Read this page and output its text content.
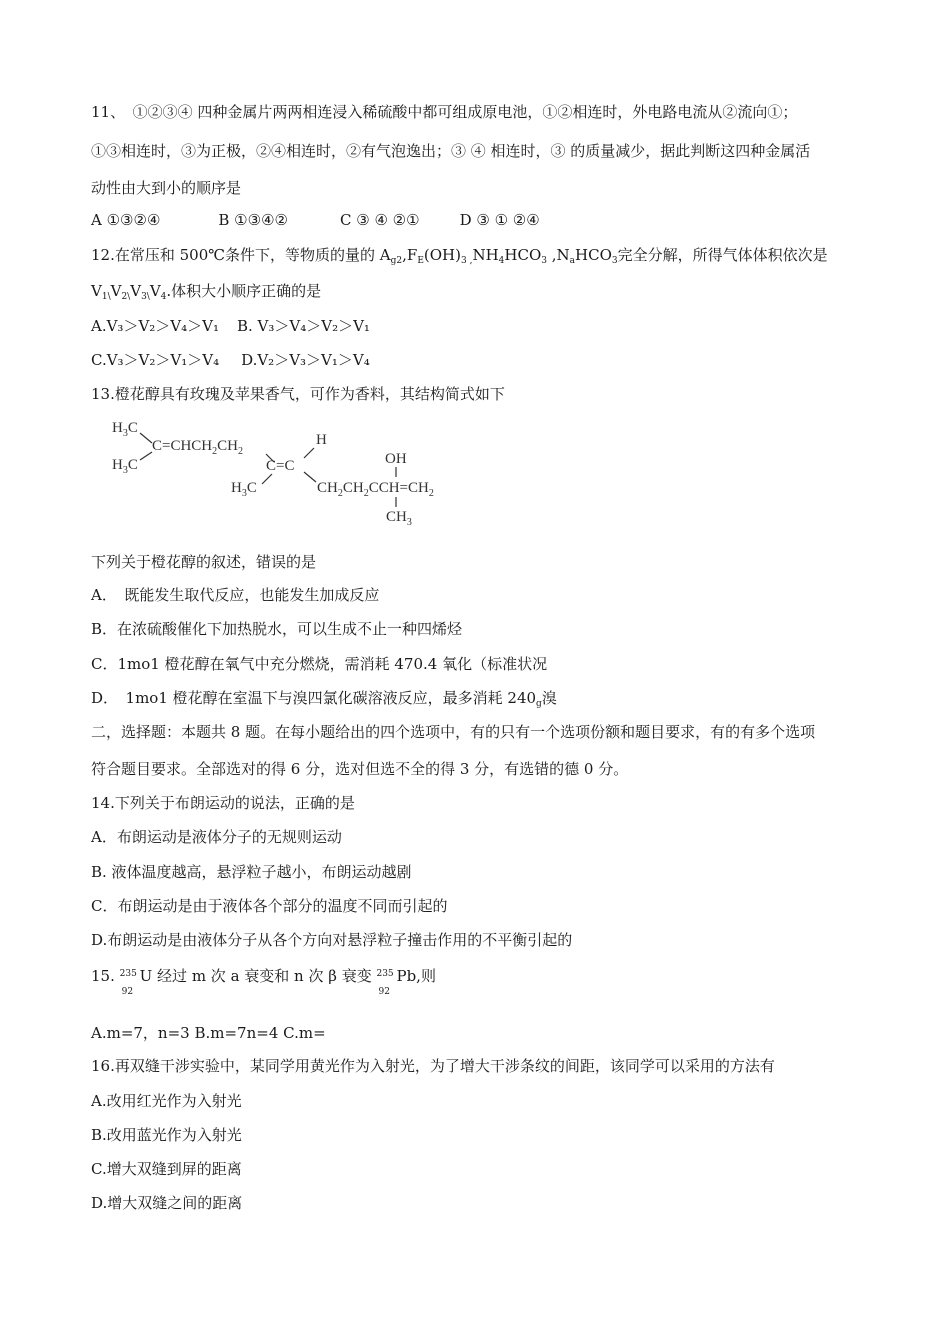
11、　①②③④ 四种金属片两两相连浸入稀硫酸中都可组成原电池，①②相连时，外电路电流从②流向①；
①③相连时，③为正极，②④相连时，②有气泡逸出；③ ④ 相连时，③ 的质量减少，据此判断这四种金属活
动性由大到小的顺序是
A ①③②④	B ①③④②	C ③ ④ ②①	D ③ ① ②④
12.在常压和 500℃条件下，等物质的量的 $A_{g2},F_E(OH)_{3 ,}NH_4HCO_3$ $,N_aHCO_3$完全分解，所得气体体积依次是
$V_{1\backslash}V_{2\backslash}V_{3\backslash}V_4$.体积大小顺序正确的是
A.V₃＞V₂＞V₄＞V₁ B. V₃＞V₄＞V₂＞V₁
C.V₃＞V₂＞V₁＞V₄ D.V₂＞V₃＞V₁＞V₄
13.橙花醇具有玫瑰及苹果香气，可作为香料，其结构简式如下
$H_3C$
$C=CHCH_2CH_2$
$H_3C$
H
C=C
$H_3C$
OH
$CH_2CH_2CCH=CH_2$
$CH_3$
下列关于橙花醇的叙述，错误的是
A．　既能发生取代反应，也能发生加成反应
B．在浓硫酸催化下加热脱水，可以生成不止一种四烯烃
C．1mo1 橙花醇在氧气中充分燃烧，需消耗 470.4 氧化（标准状况
D．　1mo1 橙花醇在室温下与溴四氯化碳溶液反应，最多消耗 $240_g$溴
二，选择题：本题共 8 题。在每小题给出的四个选项中，有的只有一个选项份额和题目要求，有的有多个选项
符合题目要求。全部选对的得 6 分，选对但选不全的得 3 分，有选错的德 0 分。
14.下列关于布朗运动的说法，正确的是
A．布朗运动是液体分子的无规则运动
B. 液体温度越高，悬浮粒子越小，布朗运动越剧
C．布朗运动是由于液体各个部分的温度不同而引起的
D.布朗运动是由液体分子从各个方向对悬浮粒子撞击作用的不平衡引起的
15. 235
92
U 经过 m 次 a 衰变和 n 次 β 衰变 235
92
Pb,则
A.m=7，n=3 B.m=7n=4 C.m=
16.再双缝干涉实验中，某同学用黄光作为入射光，为了增大干涉条纹的间距，该同学可以采用的方法有
A.改用红光作为入射光
B.改用蓝光作为入射光
C.增大双缝到屏的距离
D.增大双缝之间的距离
